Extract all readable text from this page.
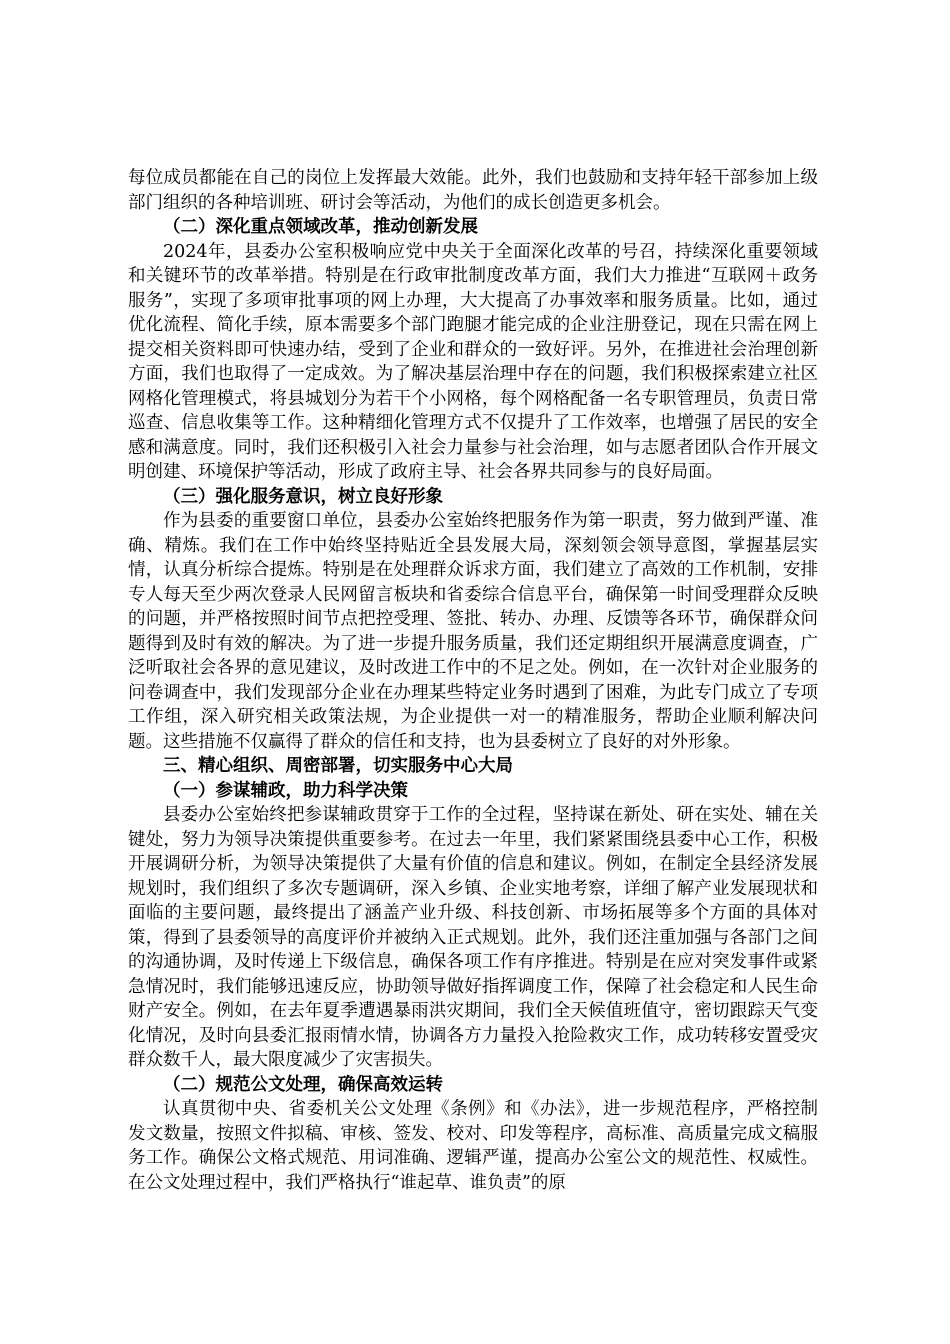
每位成员都能在自己的岗位上发挥最大效能。此外，我们也鼓励和支持年轻干部参加上级部门组织的各种培训班、研讨会等活动，为他们的成长创造更多机会。

（二）深化重点领域改革，推动创新发展

2024年，县委办公室积极响应党中央关于全面深化改革的号召，持续深化重要领域和关键环节的改革举措。特别是在行政审批制度改革方面，我们大力推进“互联网＋政务服务”，实现了多项审批事项的网上办理，大大提高了办事效率和服务质量。比如，通过优化流程、简化手续，原本需要多个部门跑腿才能完成的企业注册登记，现在只需在网上提交相关资料即可快速办结，受到了企业和群众的一致好评。另外，在推进社会治理创新方面，我们也取得了一定成效。为了解决基层治理中存在的问题，我们积极探索建立社区网格化管理模式，将县城划分为若干个小网格，每个网格配备一名专职管理员，负责日常巡查、信息收集等工作。这种精细化管理方式不仅提升了工作效率，也增强了居民的安全感和满意度。同时，我们还积极引入社会力量参与社会治理，如与志愿者团队合作开展文明创建、环境保护等活动，形成了政府主导、社会各界共同参与的良好局面。

（三）强化服务意识，树立良好形象

作为县委的重要窗口单位，县委办公室始终把服务作为第一职责，努力做到严谨、准确、精炼。我们在工作中始终坚持贴近全县发展大局，深刻领会领导意图，掌握基层实情，认真分析综合提炼。特别是在处理群众诉求方面，我们建立了高效的工作机制，安排专人每天至少两次登录人民网留言板块和省委综合信息平台，确保第一时间受理群众反映的问题，并严格按照时间节点把控受理、签批、转办、办理、反馈等各环节，确保群众问题得到及时有效的解决。为了进一步提升服务质量，我们还定期组织开展满意度调查，广泛听取社会各界的意见建议，及时改进工作中的不足之处。例如，在一次针对企业服务的问卷调查中，我们发现部分企业在办理某些特定业务时遇到了困难，为此专门成立了专项工作组，深入研究相关政策法规，为企业提供一对一的精准服务，帮助企业顺利解决问题。这些措施不仅赢得了群众的信任和支持，也为县委树立了良好的对外形象。

三、精心组织、周密部署，切实服务中心大局

（一）参谋辅政，助力科学决策

县委办公室始终把参谋辅政贯穿于工作的全过程，坚持谋在新处、研在实处、辅在关键处，努力为领导决策提供重要参考。在过去一年里，我们紧紧围绕县委中心工作，积极开展调研分析，为领导决策提供了大量有价值的信息和建议。例如，在制定全县经济发展规划时，我们组织了多次专题调研，深入乡镇、企业实地考察，详细了解产业发展现状和面临的主要问题，最终提出了涵盖产业升级、科技创新、市场拓展等多个方面的具体对策，得到了县委领导的高度评价并被纳入正式规划。此外，我们还注重加强与各部门之间的沟通协调，及时传递上下级信息，确保各项工作有序推进。特别是在应对突发事件或紧急情况时，我们能够迅速反应，协助领导做好指挥调度工作，保障了社会稳定和人民生命财产安全。例如，在去年夏季遭遇暴雨洪灾期间，我们全天候值班值守，密切跟踪天气变化情况，及时向县委汇报雨情水情，协调各方力量投入抢险救灾工作，成功转移安置受灾群众数千人，最大限度减少了灾害损失。

（二）规范公文处理，确保高效运转

认真贯彻中央、省委机关公文处理《条例》和《办法》，进一步规范程序，严格控制发文数量，按照文件拟稿、审核、签发、校对、印发等程序，高标准、高质量完成文稿服务工作。确保公文格式规范、用词准确、逻辑严谨，提高办公室公文的规范性、权威性。在公文处理过程中，我们严格执行“谁起草、谁负责”的原
